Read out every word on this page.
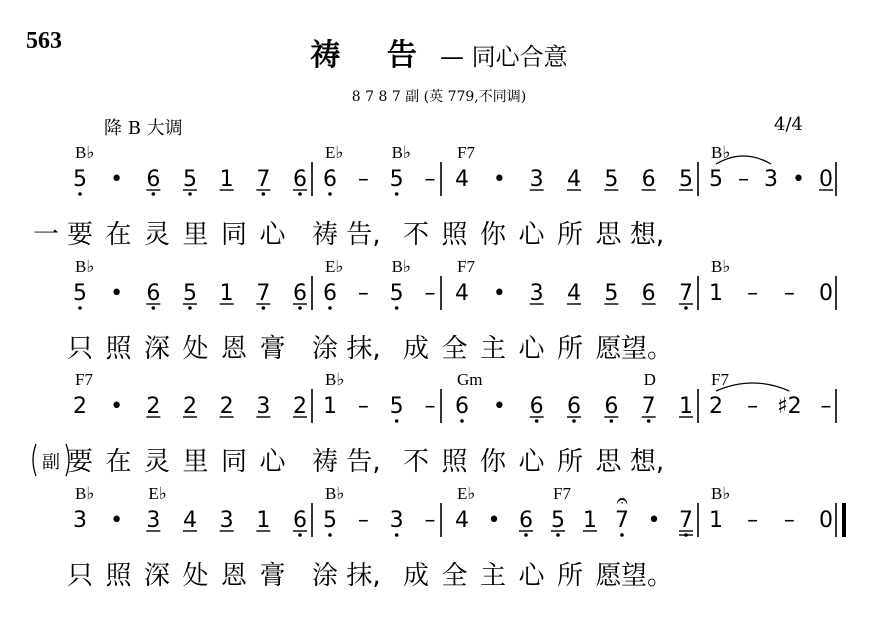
563	祷 告 — 同心合意
8 7 8 7 副 (英 779,不同调)
降 B 大调	4/4
5 • 6 5 1 7 6
B♭
6 – 5 –
E♭	B♭
4 • 3 4 5 6 5
F7
5 – 3 • 0
B♭
一 要 在 灵 里 同 心 祷 告, 不 照 你 心 所 思 想,
5 • 6 5 1 7 6
B♭
6 – 5 –
E♭	B♭
4 • 3 4 5 6 7
F7
1 – – 0
B♭
只 照 深 处 恩 膏 涂 抹, 成 全 主 心 所 愿 望。
2 • 2 2 2 3 2
F7
1 – 5 –
B♭
6 • 6 6 6 7 1
Gm	D
2 – ♯2 –
F7
副 要 在 灵 里 同 心 祷 告, 不 照 你 心 所 思 想,
3 • 3 4 3 1 6
B♭	E♭
5 – 3 –
B♭
4 • 6 5 1 7
𝄐
• 7
E♭	F7
1 – – 0
B♭
只 照 深 处 恩 膏 涂 抹, 成 全 主 心 所 愿 望。
